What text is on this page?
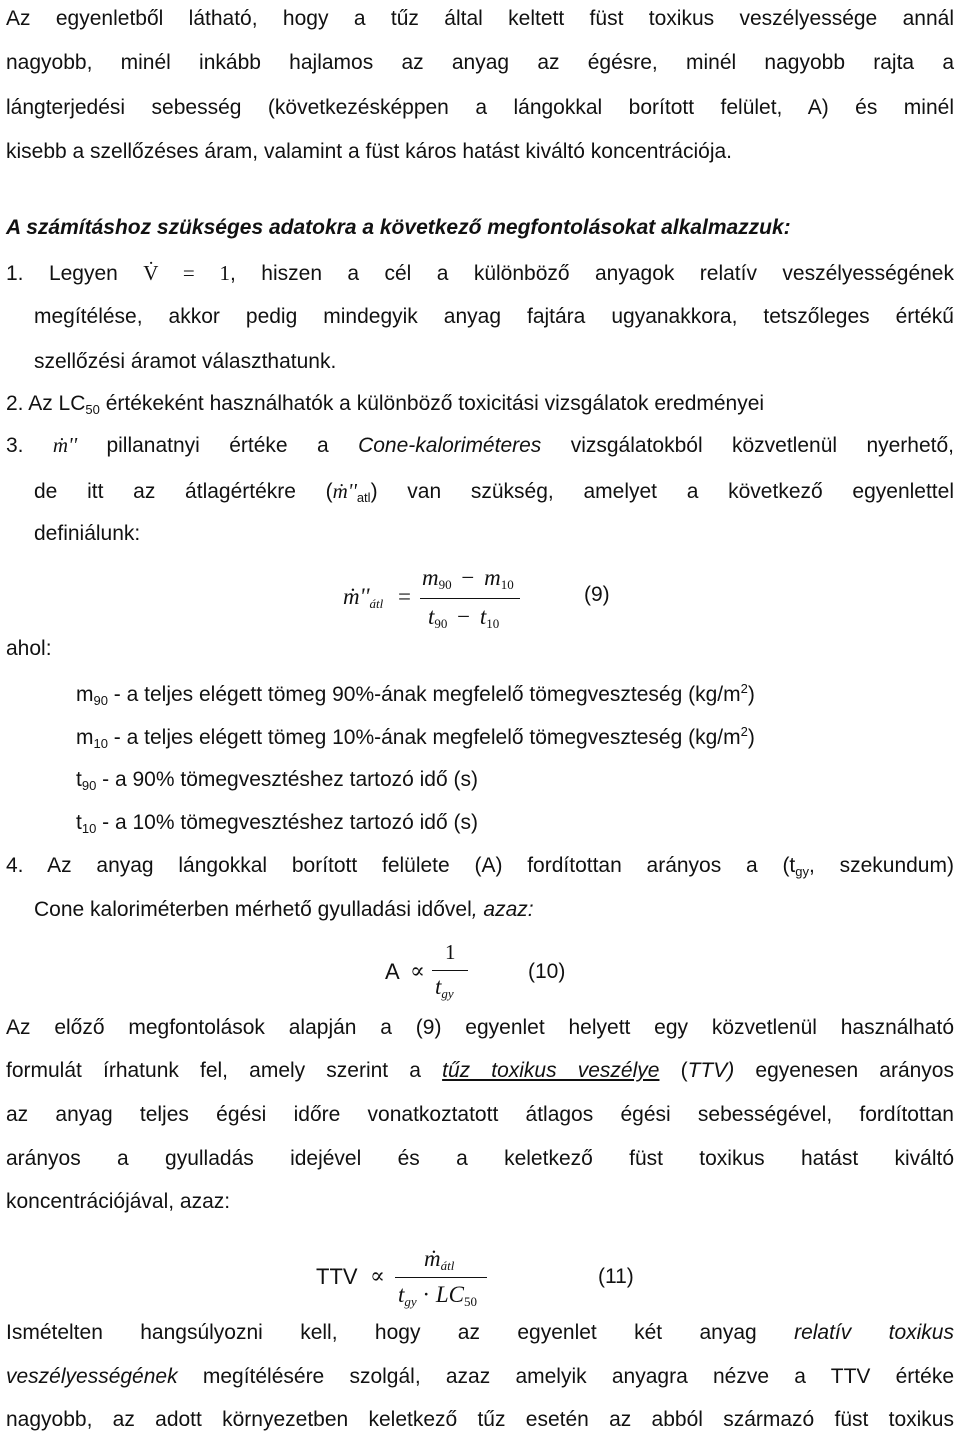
Az egyenletből látható, hogy a tűz által keltett füst toxikus veszélyessége annál
nagyobb, minél inkább hajlamos az anyag az égésre, minél nagyobb rajta a
lángterjedési sebesség (következésképpen a lángokkal borított felület, A) és minél
kisebb a szellőzéses áram, valamint a füst káros hatást kiváltó koncentrációja.
A számításhoz szükséges adatokra a következő megfontolásokat alkalmazzuk:
1. Legyen V̇ = 1, hiszen a cél a különböző anyagok relatív veszélyességének
megítélése, akkor pedig mindegyik anyag fajtára ugyanakkora, tetszőleges értékű
szellőzési áramot választhatunk.
2. Az $LC_{50}$ értékeként használhatók a különböző toxicitási vizsgálatok eredményei
3. ṁ'' pillanatnyi értéke a Cone-kaloriméteres vizsgálatokból közvetlenül nyerhető,
de itt az átlagértékre $(ṁ''_{atl})$ van szükség, amelyet a következő egyenlettel
definiálunk:
$ṁ''_{átl}$ =
$m_{90} - m_{10}$
$t_{90} - t_{10}$
(9)
ahol:
$m_{90}$ - a teljes elégett tömeg 90%-ának megfelelő tömegveszteség $(kg/m^2)$
$m_{10}$ - a teljes elégett tömeg 10%-ának megfelelő tömegveszteség $(kg/m^2)$
$t_{90}$ - a 90% tömegvesztéshez tartozó idő (s)
$t_{10}$ - a 10% tömegvesztéshez tartozó idő (s)
4. Az anyag lángokkal borított felülete (A) fordítottan arányos a ($t_{gy}$, szekundum)
Cone kaloriméterben mérhető gyulladási idővel, azaz:
A ∝
1
$t_{gy}$
(10)
Az előző megfontolások alapján a (9) egyenlet helyett egy közvetlenül használható
formulát írhatunk fel, amely szerint a tűz toxikus veszélye (TTV) egyenesen arányos
az anyag teljes égési időre vonatkoztatott átlagos égési sebességével, fordítottan
arányos a gyulladás idejével és a keletkező füst toxikus hatást kiváltó
koncentrációjával, azaz:
TTV ∝
ṁ$_{átl}$
$t_{gy} \cdot LC_{50}$
(11)
Ismételten hangsúlyozni kell, hogy az egyenlet két anyag relatív toxikus
veszélyességének megítélésére szolgál, azaz amelyik anyagra nézve a TTV értéke
nagyobb, az adott környezetben keletkező tűz esetén az abból származó füst toxikus
